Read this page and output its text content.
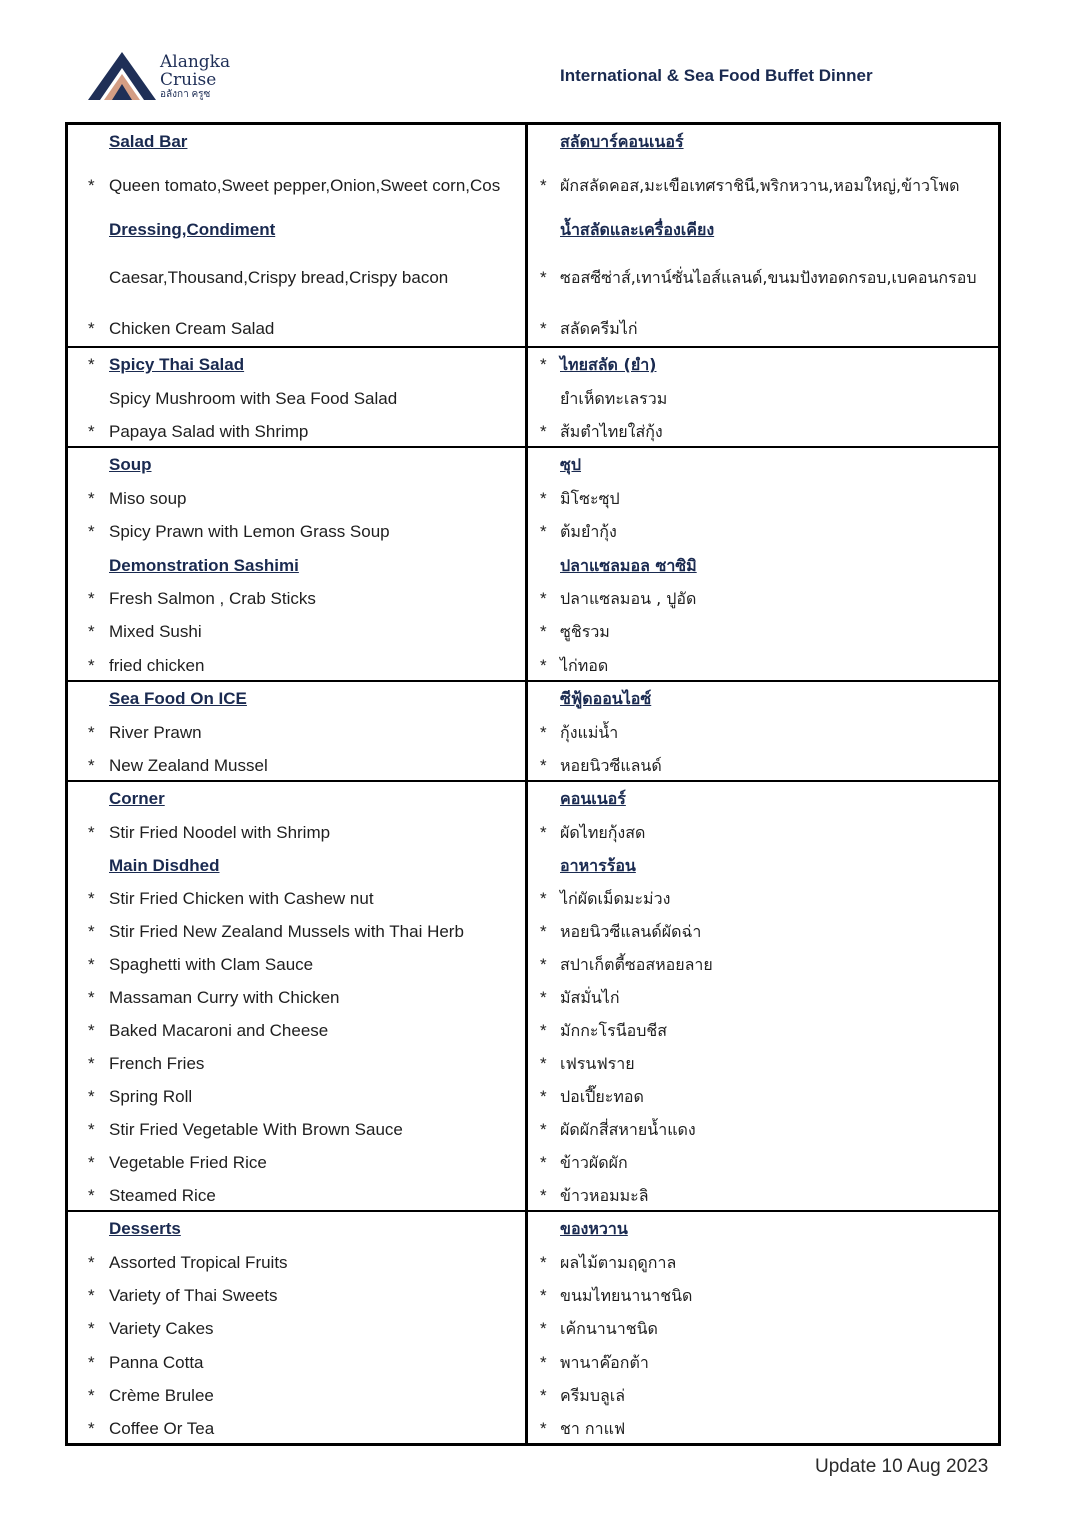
Alangka
Cruise
อลังกา ครูซ
International & Sea Food Buffet Dinner
Salad Bar	สลัดบาร์คอนเนอร์
* Queen tomato,Sweet pepper,Onion,Sweet corn,Cos	* ผักสลัดคอส,มะเขือเทศราชินี,พริกหวาน,หอมใหญ่,ข้าวโพด
Dressing,Condiment	น้ำสลัดและเครื่องเคียง
Caesar,Thousand,Crispy bread,Crispy bacon	* ซอสซีซ่าส์,เทาน์ซั่นไอส์แลนด์,ขนมปังทอดกรอบ,เบคอนกรอบ
* Chicken Cream Salad	* สลัดครีมไก่
* Spicy Thai Salad	* ไทยสลัด (ยำ)
Spicy Mushroom with Sea Food Salad	ยำเห็ดทะเลรวม
* Papaya Salad with Shrimp	* ส้มตำไทยใส่กุ้ง
Soup	ซุป
* Miso soup	* มิโซะซุป
* Spicy Prawn with Lemon Grass Soup	* ต้มยำกุ้ง
Demonstration Sashimi	ปลาแซลมอล ซาซิมิ
* Fresh Salmon , Crab Sticks	* ปลาแซลมอน , ปูอัด
* Mixed Sushi	* ซูชิรวม
* fried chicken	* ไก่ทอด
Sea Food On ICE	ซีฟู้ดออนไอซ์
* River Prawn	* กุ้งแม่น้ำ
* New Zealand Mussel	* หอยนิวซีแลนด์
Corner	คอนเนอร์
* Stir Fried Noodel with Shrimp	* ผัดไทยกุ้งสด
Main Disdhed	อาหารร้อน
* Stir Fried Chicken with Cashew nut	* ไก่ผัดเม็ดมะม่วง
* Stir Fried New Zealand Mussels with Thai Herb	* หอยนิวซีแลนด์ผัดฉ่า
* Spaghetti with Clam Sauce	* สปาเก็ตตี้ซอสหอยลาย
* Massaman Curry with Chicken	* มัสมั่นไก่
* Baked Macaroni and Cheese	* มักกะโรนีอบชีส
* French Fries	* เฟรนฟราย
* Spring Roll	* ปอเปี๊ยะทอด
* Stir Fried Vegetable With Brown Sauce	* ผัดผักสี่สหายน้ำแดง
* Vegetable Fried Rice	* ข้าวผัดผัก
* Steamed Rice	* ข้าวหอมมะลิ
Desserts	ของหวาน
* Assorted Tropical Fruits	* ผลไม้ตามฤดูกาล
* Variety of Thai Sweets	* ขนมไทยนานาชนิด
* Variety Cakes	* เค้กนานาชนิด
* Panna Cotta	* พานาค๊อกต้า
* Crème Brulee	* ครีมบลูเล่
* Coffee Or Tea	* ชา กาแฟ
Update 10 Aug 2023
